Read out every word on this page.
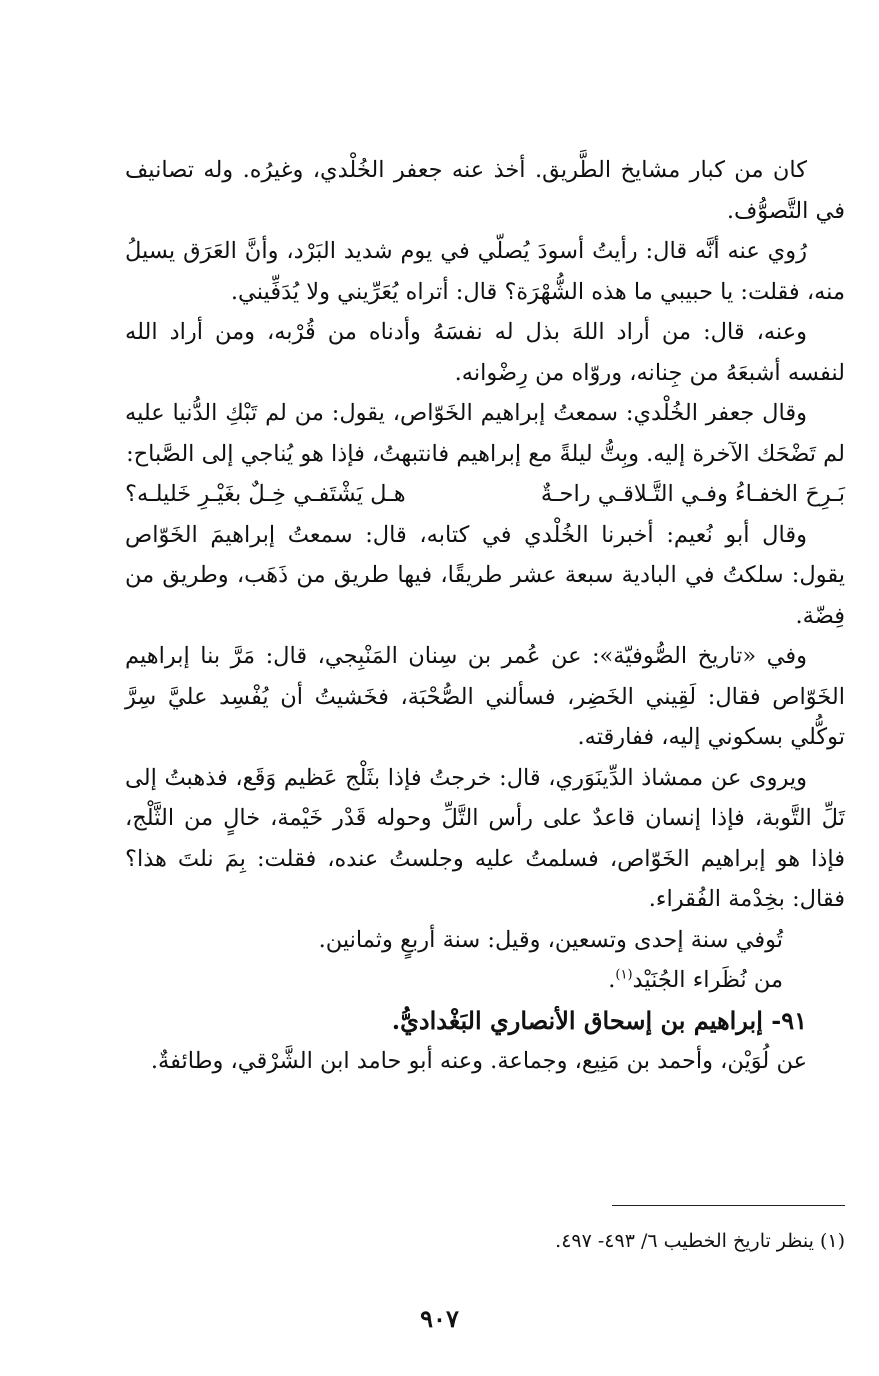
كان من كبار مشايخ الطَّريق. أخذ عنه جعفر الخُلْدي، وغيرُه. وله تصانيف في التَّصوُّف.

رُوي عنه أنَّه قال: رأيتُ أسودَ يُصلّي في يوم شديد البَرْد، وأنَّ العَرَق يسيلُ منه، فقلت: يا حبيبي ما هذه الشُّهْرَة؟ قال: أتراه يُعَرِّيني ولا يُدَفِّيني.

وعنه، قال: من أراد اللهَ بذل له نفسَهُ وأدناه من قُرْبه، ومن أراد الله لنفسه أشبعَهُ من جِنانه، وروّاه من رِضْوانه.

وقال جعفر الخُلْدي: سمعتُ إبراهيم الخَوّاص، يقول: من لم تَبْكِ الدُّنيا عليه لم تَضْحَك الآخرة إليه. وبِتُّ ليلةً مع إبراهيم فانتبهتُ، فإذا هو يُناجي إلى الصَّباح:

بَـرِحَ الخفـاءُ وفـي التَّـلاقـي راحـةٌ
هـل يَشْتَفـي خِـلٌ بغَيْـرِ خَليلـه؟

وقال أبو نُعيم: أخبرنا الخُلْدي في كتابه، قال: سمعتُ إبراهيمَ الخَوّاص يقول: سلكتُ في البادية سبعة عشر طريقًا، فيها طريق من ذَهَب، وطريق من فِضّة.

وفي «تاريخ الصُّوفيّة»: عن عُمر بن سِنان المَنْبِجي، قال: مَرَّ بنا إبراهيم الخَوّاص فقال: لَقِيني الخَضِر، فسألني الصُّحْبَة، فخَشيتُ أن يُفْسِد عليَّ سِرَّ توكُّلي بسكوني إليه، ففارقته.

ويروى عن ممشاذ الدِّينَوَري، قال: خرجتُ فإذا بثَلْج عَظيم وَقَع، فذهبتُ إلى تَلِّ التَّوبة، فإذا إنسان قاعدٌ على رأس التَّلِّ وحوله قَدْر خَيْمة، خالٍ من الثَّلْج، فإذا هو إبراهيم الخَوّاص، فسلمتُ عليه وجلستُ عنده، فقلت: بِمَ نلتَ هذا؟ فقال: بخِدْمة الفُقراء.

تُوفي سنة إحدى وتسعين، وقيل: سنة أربعٍ وثمانين.

من نُظَراء الجُنَيْد$^{(١)}$.

٩١- إبراهيم بن إسحاق الأنصاري البَغْداديُّ.

عن لُوَيْن، وأحمد بن مَنِيع، وجماعة. وعنه أبو حامد ابن الشَّرْقي، وطائفةٌ.

(١) ينظر تاريخ الخطيب ٦/ ٤٩٣- ٤٩٧.
٩٠٧
